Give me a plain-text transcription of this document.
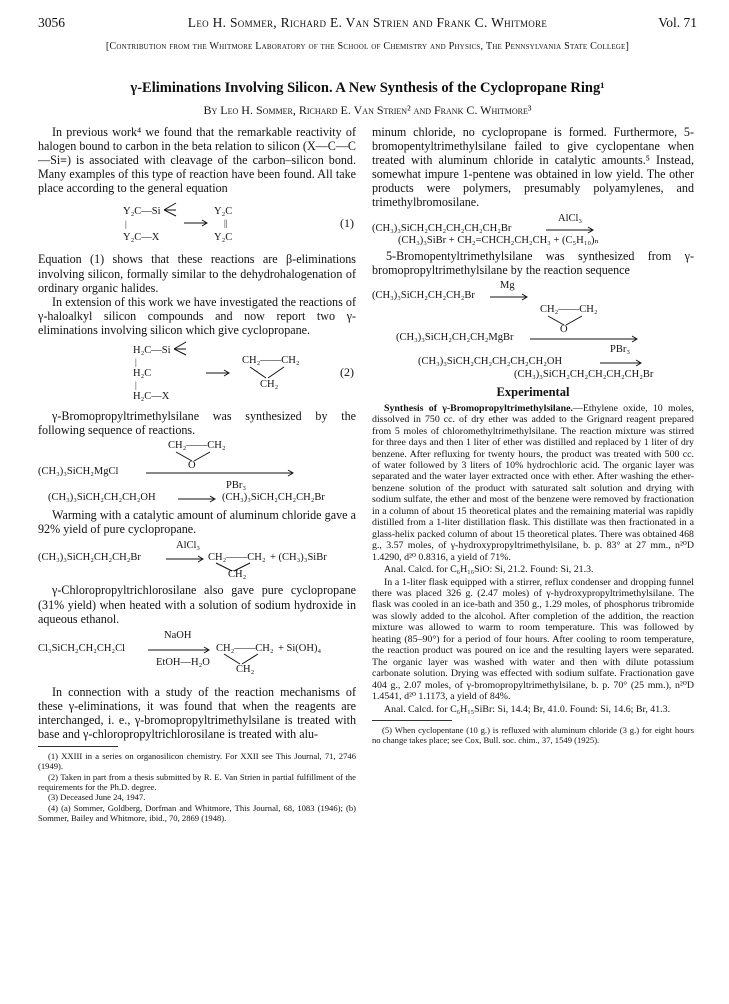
3056	Leo H. Sommer, Richard E. Van Strien and Frank C. Whitmore	Vol. 71
[Contribution from the Whitmore Laboratory of the School of Chemistry and Physics, The Pennsylvania State College]
γ-Eliminations Involving Silicon. A New Synthesis of the Cyclopropane Ring¹
By Leo H. Sommer, Richard E. Van Strien² and Frank C. Whitmore³

In previous work⁴ we found that the remarkable reactivity of halogen bound to carbon in the beta relation to silicon (X—C—C—Si≡) is associated with cleavage of the carbon–silicon bond. Many examples of this type of reaction have been found. All take place according to the general equation

Y₂C—Si
|
Y₂C—X
Y₂C
||
Y₂C
(1)

Equation (1) shows that these reactions are β-eliminations involving silicon, formally similar to the dehydrohalogenation of ordinary organic halides.

In extension of this work we have investigated the reactions of γ-haloalkyl silicon compounds and now report two γ-eliminations involving silicon which give cyclopropane.

H₂C—Si
|
H₂C
|
H₂C—X
CH₂——CH₂
CH₂
(2)

γ-Bromopropyltrimethylsilane was synthesized by the following sequence of reactions.

CH₂——CH₂
O
(CH₃)₃SiCH₂MgCl
PBr₃
(CH₃)₃SiCH₂CH₂CH₂OH → (CH₃)₃SiCH₂CH₂CH₂Br

Warming with a catalytic amount of aluminum chloride gave a 92% yield of pure cyclopropane.

AlCl₃
(CH₃)₃SiCH₂CH₂CH₂Br → CH₂——CH₂ + (CH₃)₃SiBr
CH₂

γ-Chloropropyltrichlorosilane also gave pure cyclopropane (31% yield) when heated with a solution of sodium hydroxide in aqueous ethanol.

NaOH
Cl₃SiCH₂CH₂CH₂Cl
EtOH—H₂O
CH₂——CH₂ + Si(OH)₄
CH₂

In connection with a study of the reaction mechanisms of these γ-eliminations, it was found that when the reagents are interchanged, i. e., γ-bromopropyltrimethylsilane is treated with base and γ-chloropropyltrichlorosilane is treated with alu-

(1) XXIII in a series on organosilicon chemistry. For XXII see This Journal, 71, 2746 (1949).

(2) Taken in part from a thesis submitted by R. E. Van Strien in partial fulfillment of the requirements for the Ph.D. degree.

(3) Deceased June 24, 1947.

(4) (a) Sommer, Goldberg, Dorfman and Whitmore, This Journal, 68, 1083 (1946); (b) Sommer, Bailey and Whitmore, ibid., 70, 2869 (1948).

minum chloride, no cyclopropane is formed. Furthermore, 5-bromopentyltrimethylsilane failed to give cyclopentane when treated with aluminum chloride in catalytic amounts.⁵ Instead, somewhat impure 1-pentene was obtained in low yield. The other products were polymers, presumably polyamylenes, and trimethylbromosilane.

AlCl₃
(CH₃)₃SiCH₂CH₂CH₂CH₂CH₂Br
(CH₃)₃SiBr + CH₂=CHCH₂CH₂CH₃ + (C₅H₁₀)ₙ

5-Bromopentyltrimethylsilane was synthesized from γ-bromopropyltrimethylsilane by the reaction sequence

Mg
(CH₃)₃SiCH₂CH₂CH₂Br →
CH₂——CH₂
O
(CH₃)₃SiCH₂CH₂CH₂MgBr
PBr₃
(CH₃)₃SiCH₂CH₂CH₂CH₂CH₂OH
(CH₃)₃SiCH₂CH₂CH₂CH₂CH₂Br
Experimental

Synthesis of γ-Bromopropyltrimethylsilane.—Ethylene oxide, 10 moles, dissolved in 750 cc. of dry ether was added to the Grignard reagent prepared from 5 moles of chloromethyltrimethylsilane. The reaction mixture was stirred for three days and then 1 liter of ether was distilled and replaced by 1 liter of dry benzene. After refluxing for twenty hours, the product was treated with 500 cc. of water followed by 3 liters of 10% hydrochloric acid. The organic layer was separated and the water layer extracted once with ether. After washing the ether-benzene solution of the product with saturated salt solution and drying with sodium sulfate, the ether and most of the benzene were removed by fractionation in a column of about 15 theoretical plates and the remaining material was rapidly distilled from a 1-liter distillation flask. This distillate was then fractionated in a glass-helix packed column of about 15 theoretical plates. There was obtained 468 g., 3.57 moles, of γ-hydroxypropyltrimethylsilane, b. p. 83° at 27 mm., n²⁰D 1.4290, d²⁰ 0.8316, a yield of 71%.

Anal. Calcd. for C₆H₁₆SiO: Si, 21.2. Found: Si, 21.3.

In a 1-liter flask equipped with a stirrer, reflux condenser and dropping funnel there was placed 326 g. (2.47 moles) of γ-hydroxypropyltrimethylsilane. The flask was cooled in an ice-bath and 350 g., 1.29 moles, of phosphorus tribromide was slowly added to the alcohol. After completion of the addition, the reaction mixture was allowed to warm to room temperature. This was followed by heating (85–90°) for a period of four hours. After cooling to room temperature, the reaction product was poured on ice and the resulting layers were separated. The organic layer was washed with water and then with dilute potassium carbonate solution. Drying was effected with sodium sulfate. Fractionation gave 404 g., 2.07 moles, of γ-bromopropyltrimethylsilane, b. p. 70° (25 mm.), n²⁰D 1.4541, d²⁰ 1.1173, a yield of 84%.

Anal. Calcd. for C₆H₁₅SiBr: Si, 14.4; Br, 41.0. Found: Si, 14.6; Br, 41.3.

(5) When cyclopentane (10 g.) is refluxed with aluminum chloride (3 g.) for eight hours no change takes place; see Cox, Bull. soc. chim., 37, 1549 (1925).
